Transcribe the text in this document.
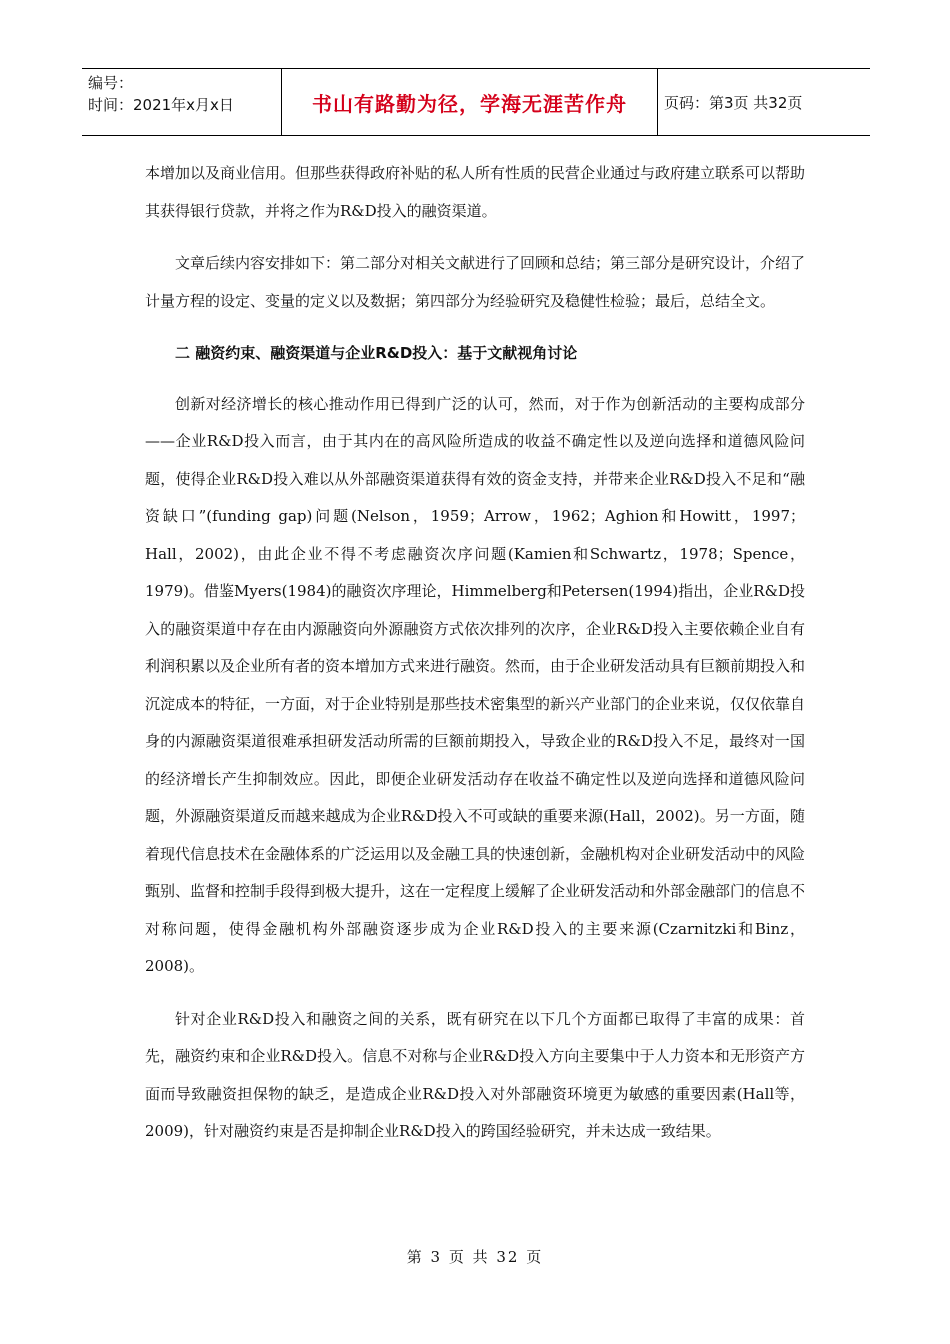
编号：
时间：2021年x月x日	书山有路勤为径，学海无涯苦作舟	页码：第3页 共32页

本增加以及商业信用。但那些获得政府补贴的私人所有性质的民营企业通过与政府建立联系可以帮助其获得银行贷款，并将之作为R&D投入的融资渠道。

文章后续内容安排如下：第二部分对相关文献进行了回顾和总结；第三部分是研究设计，介绍了计量方程的设定、变量的定义以及数据；第四部分为经验研究及稳健性检验；最后，总结全文。

二 融资约束、融资渠道与企业R&D投入：基于文献视角讨论

创新对经济增长的核心推动作用已得到广泛的认可，然而，对于作为创新活动的主要构成部分——企业R&D投入而言，由于其内在的高风险所造成的收益不确定性以及逆向选择和道德风险问题，使得企业R&D投入难以从外部融资渠道获得有效的资金支持，并带来企业R&D投入不足和“融资缺口”(funding gap)问题(Nelson，1959；Arrow，1962；Aghion和Howitt，1997；Hall，2002)，由此企业不得不考虑融资次序问题(Kamien和Schwartz，1978；Spence，1979)。借鉴Myers(1984)的融资次序理论，Himmelberg和Petersen(1994)指出，企业R&D投入的融资渠道中存在由内源融资向外源融资方式依次排列的次序，企业R&D投入主要依赖企业自有利润积累以及企业所有者的资本增加方式来进行融资。然而，由于企业研发活动具有巨额前期投入和沉淀成本的特征，一方面，对于企业特别是那些技术密集型的新兴产业部门的企业来说，仅仅依靠自身的内源融资渠道很难承担研发活动所需的巨额前期投入，导致企业的R&D投入不足，最终对一国的经济增长产生抑制效应。因此，即便企业研发活动存在收益不确定性以及逆向选择和道德风险问题，外源融资渠道反而越来越成为企业R&D投入不可或缺的重要来源(Hall，2002)。另一方面，随着现代信息技术在金融体系的广泛运用以及金融工具的快速创新，金融机构对企业研发活动中的风险甄别、监督和控制手段得到极大提升，这在一定程度上缓解了企业研发活动和外部金融部门的信息不对称问题，使得金融机构外部融资逐步成为企业R&D投入的主要来源(Czarnitzki和Binz，2008)。

针对企业R&D投入和融资之间的关系，既有研究在以下几个方面都已取得了丰富的成果：首先，融资约束和企业R&D投入。信息不对称与企业R&D投入方向主要集中于人力资本和无形资产方面而导致融资担保物的缺乏，是造成企业R&D投入对外部融资环境更为敏感的重要因素(Hall等，2009)，针对融资约束是否是抑制企业R&D投入的跨国经验研究，并未达成一致结果。

第 3 页 共 32 页
